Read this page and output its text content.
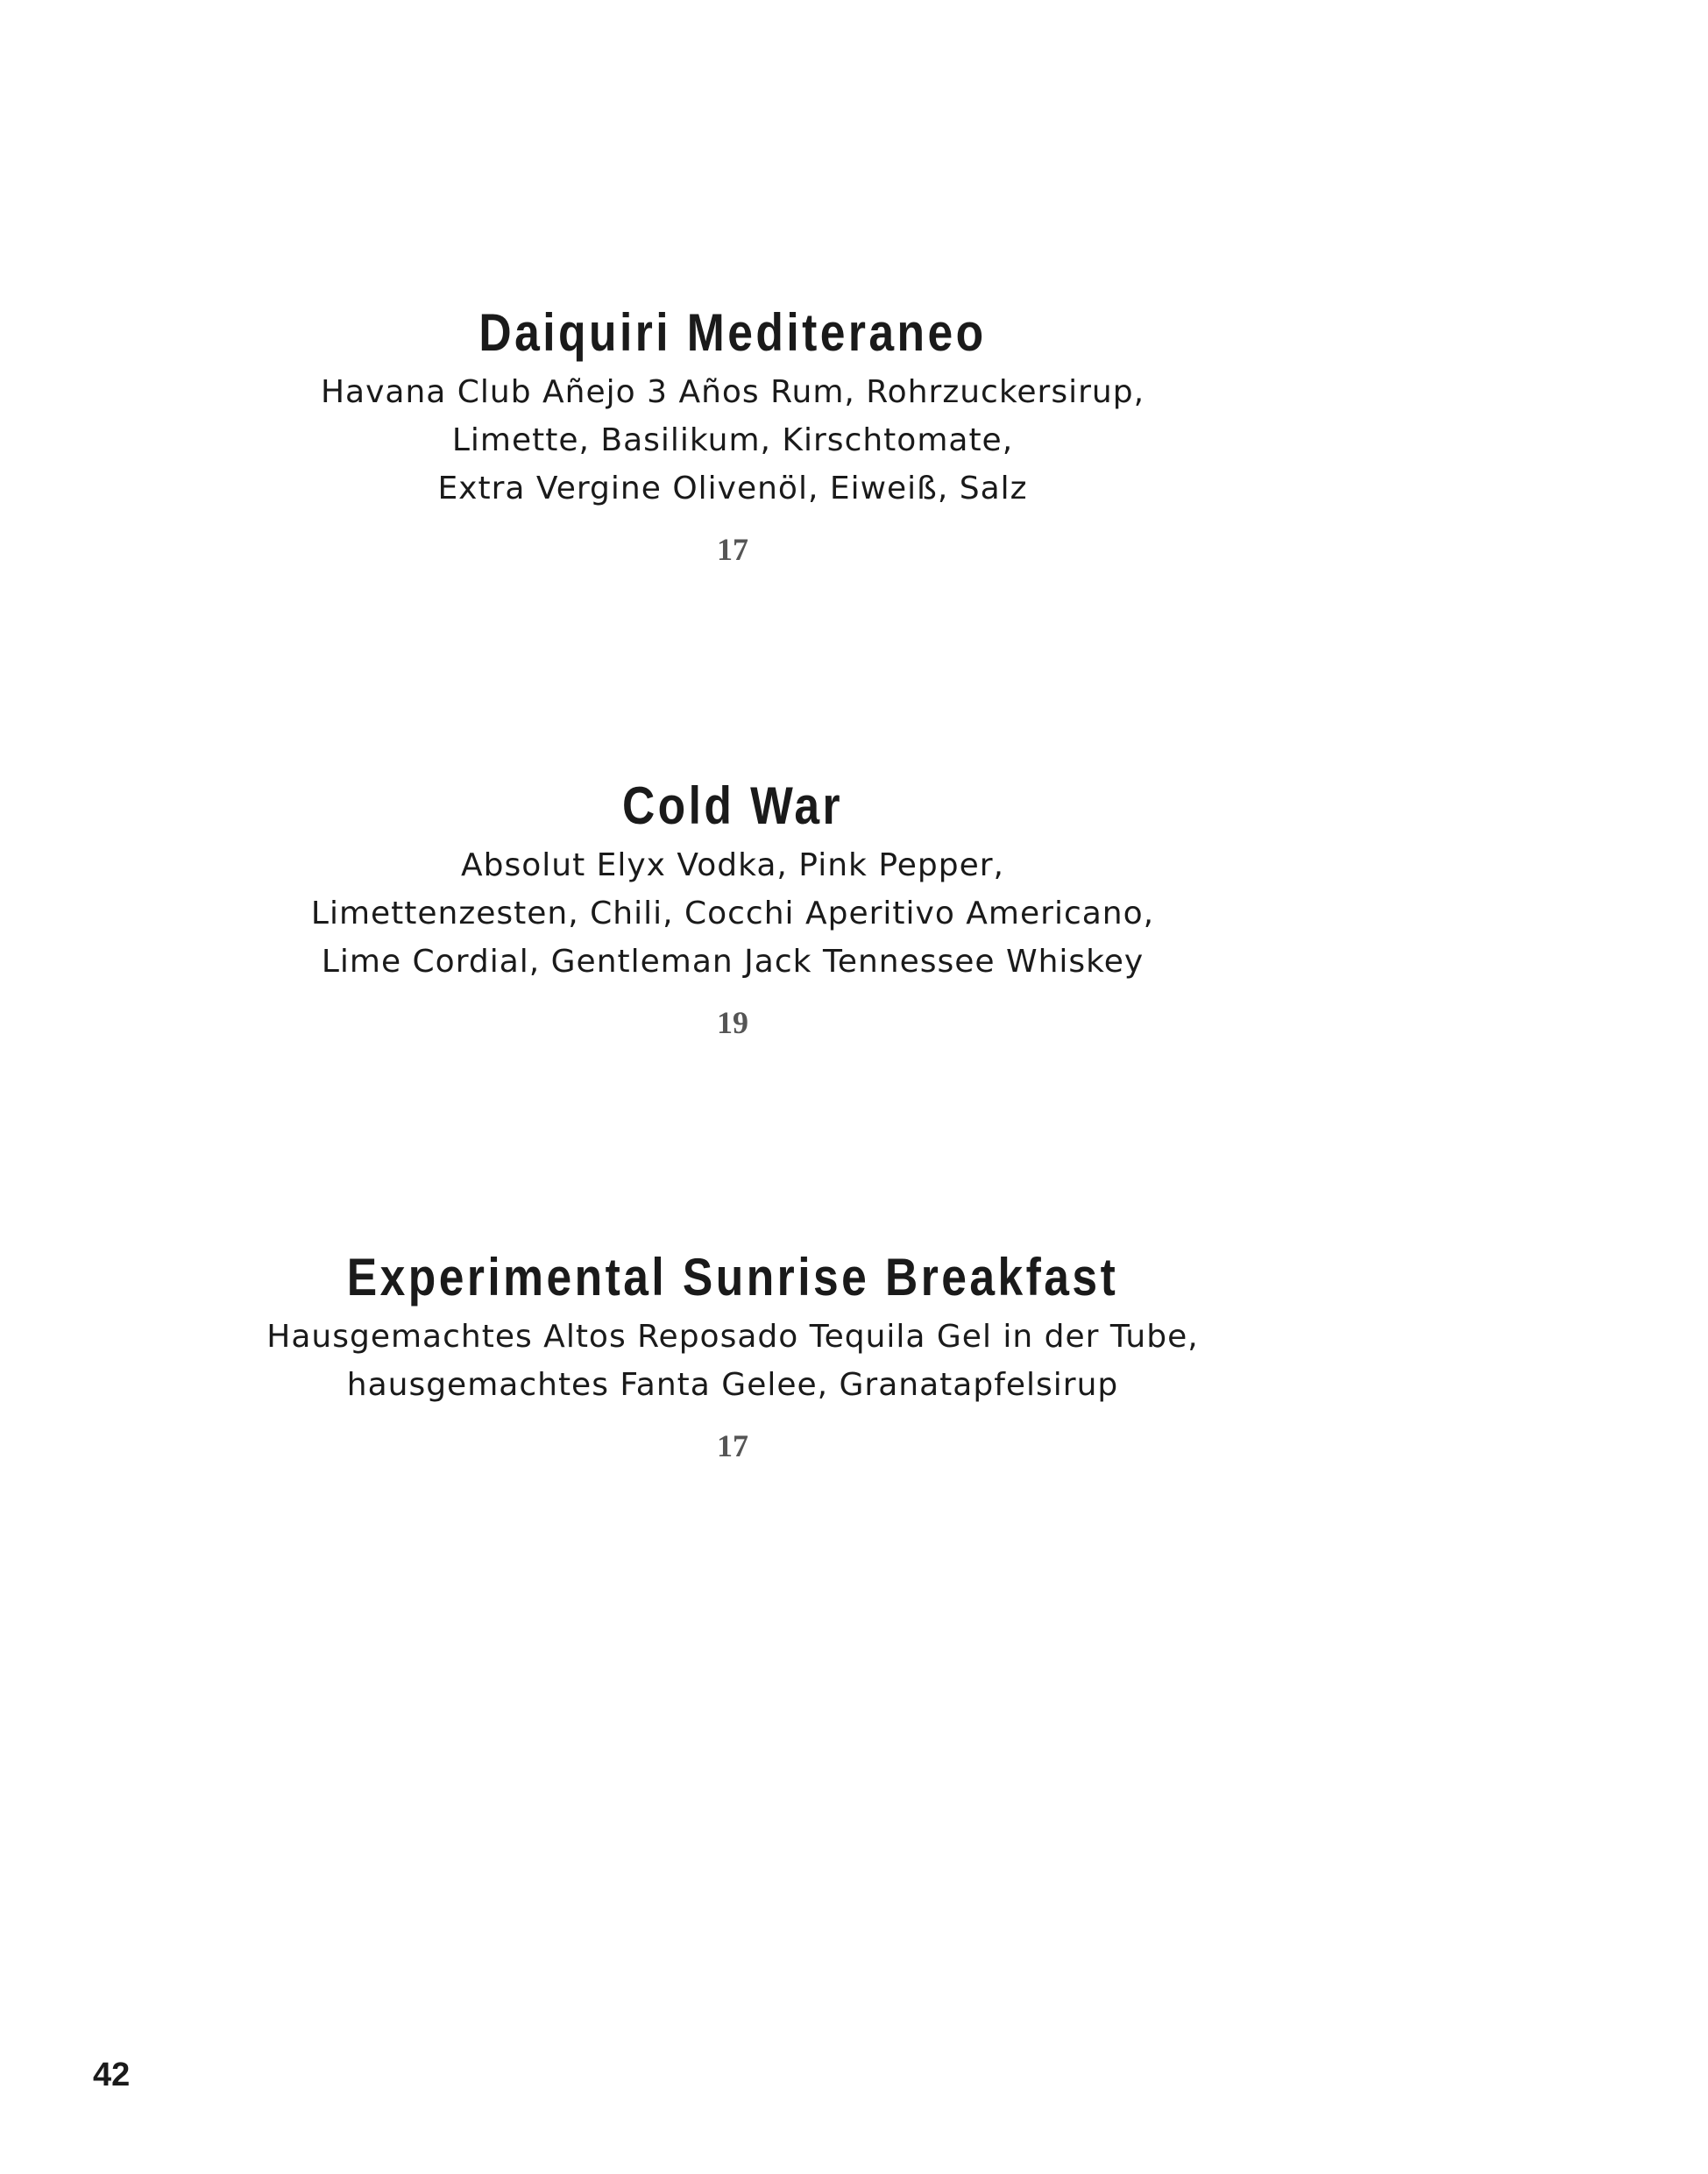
Daiquiri Mediteraneo
Havana Club Añejo 3 Años Rum, Rohrzuckersirup,
Limette, Basilikum, Kirschtomate,
Extra Vergine Olivenöl, Eiweiß, Salz
17
Cold War
Absolut Elyx Vodka, Pink Pepper,
Limettenzesten, Chili, Cocchi Aperitivo Americano,
Lime Cordial, Gentleman Jack Tennessee Whiskey
19
Experimental Sunrise Breakfast
Hausgemachtes Altos Reposado Tequila Gel in der Tube,
hausgemachtes Fanta Gelee, Granatapfelsirup
17
42
